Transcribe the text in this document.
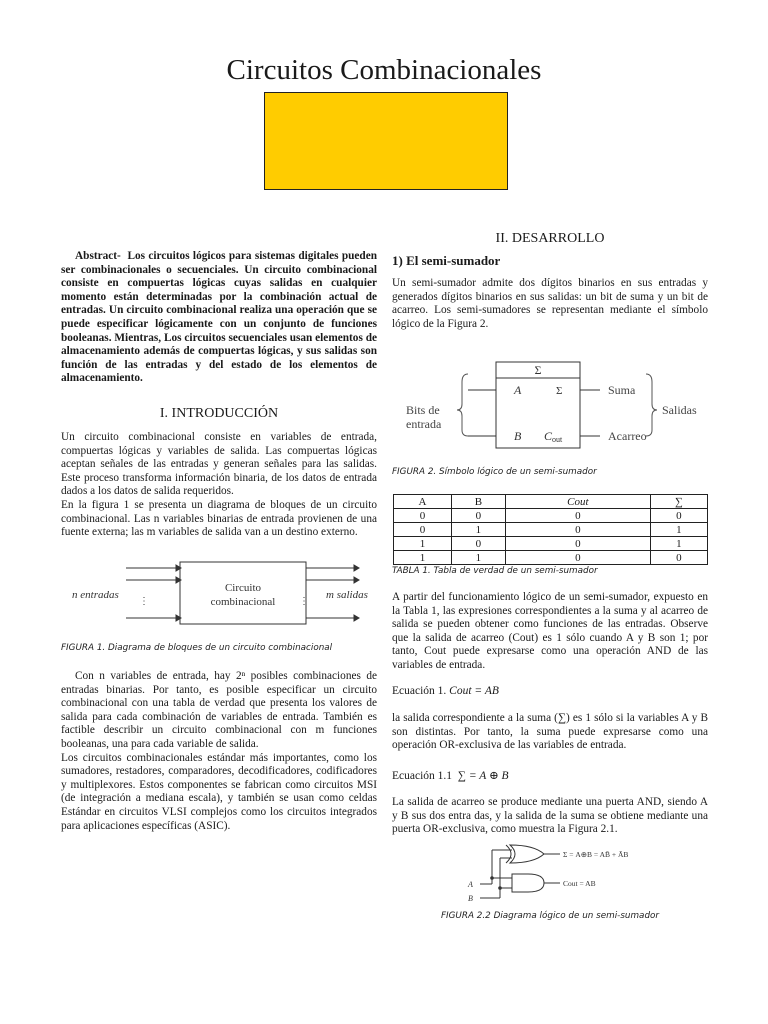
Circuitos Combinacionales

Abstract- Los circuitos lógicos para sistemas digitales pueden ser combinacionales o secuenciales. Un circuito combinacional consiste en compuertas lógicas cuyas salidas en cualquier momento están determinadas por la combinación actual de entradas. Un circuito combinacional realiza una operación que se puede especificar lógicamente con un conjunto de funciones booleanas. Mientras, Los circuitos secuenciales usan elementos de almacenamiento además de compuertas lógicas, y sus salidas son función de las entradas y del estado de los elementos de almacenamiento.

I. INTRODUCCIÓN

Un circuito combinacional consiste en variables de entrada, compuertas lógicas y variables de salida. Las compuertas lógicas aceptan señales de las entradas y generan señales para las salidas. Este proceso transforma información binaria, de los datos de entrada dados a los datos de salida requeridos.

En la figura 1 se presenta un diagrama de bloques de un circuito combinacional. Las n variables binarias de entrada provienen de una fuente externa; las m variables de salida van a un destino externo.

⋮	⋮
n entradas
Circuito
combinacional
m salidas
FIGURA 1. Diagrama de bloques de un circuito combinacional

Con n variables de entrada, hay 2ⁿ posibles combinaciones de entradas binarias. Por tanto, es posible especificar un circuito combinacional con una tabla de verdad que presenta los valores de salida para cada combinación de variables de entrada. También es factible describir un circuito combinacional con m funciones booleanas, una para cada variable de salida.

Los circuitos combinacionales estándar más importantes, como los sumadores, restadores, comparadores, decodificadores, codificadores y multiplexores. Estos componentes se fabrican como circuitos MSI (de integración a mediana escala), y también se usan como celdas Estándar en circuitos VLSI complejos como los circuitos integrados para aplicaciones específicas (ASIC).

II. DESARROLLO
1) El semi-sumador
Un semi-sumador admite dos dígitos binarios en sus entradas y generados dígitos binarios en sus salidas: un bit de suma y un bit de acarreo. Los semi-sumadores se representan mediante el símbolo lógico de la Figura 2.
Σ
A
B
Σ
Cout
Bits de
entrada
Suma
Acarreo
Salidas
FIGURA 2. Símbolo lógico de un semi-sumador
A	B	Cout	∑
0	0	0	0
0	1	0	1
1	0	0	1
1	1	0	0
TABLA 1. Tabla de verdad de un semi-sumador
A partir del funcionamiento lógico de un semi-sumador, expuesto en la Tabla 1, las expresiones correspondientes a la suma y al acarreo de salida se pueden obtener como funciones de las entradas. Observe que la salida de acarreo (Cout) es 1 sólo cuando A y B son 1; por tanto, Cout puede expresarse como una operación AND de las variables de entrada.
Ecuación 1. Cout = AB
la salida correspondiente a la suma (∑) es 1 sólo si la variables A y B son distintas. Por tanto, la suma puede expresarse como una operación OR-exclusiva de las variables de entrada.
Ecuación 1.1 ∑ = A ⊕ B
La salida de acarreo se produce mediante una puerta AND, siendo A y B sus dos entra das, y la salida de la suma se obtiene mediante una puerta OR-exclusiva, como muestra la Figura 2.1.
A
B
Σ = A⊕B = AB̄ + ĀB
Cout = AB
FIGURA 2.2 Diagrama lógico de un semi-sumador
